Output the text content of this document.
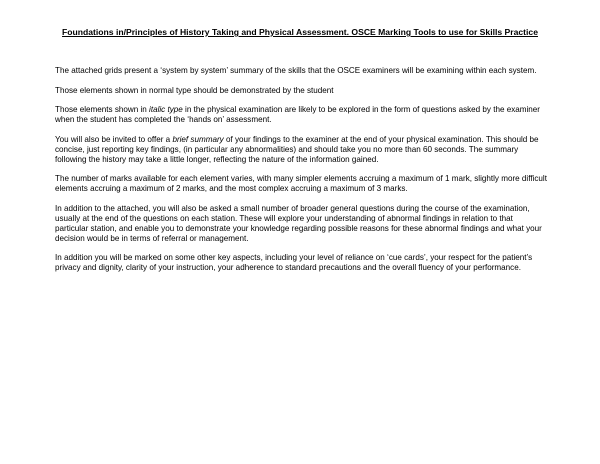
Foundations in/Principles of History Taking and Physical Assessment. OSCE Marking Tools to use for Skills Practice

The attached grids present a ‘system by system’ summary of the skills that the OSCE examiners will be examining within each system.

Those elements shown in normal type should be demonstrated by the student

Those elements shown in italic type in the physical examination are likely to be explored in the form of questions asked by the examiner when the student has completed the ‘hands on’ assessment.

You will also be invited to offer a brief summary of your findings to the examiner at the end of your physical examination. This should be concise, just reporting key findings, (in particular any abnormalities) and should take you no more than 60 seconds. The summary following the history may take a little longer, reflecting the nature of the information gained.

The number of marks available for each element varies, with many simpler elements accruing a maximum of 1 mark, slightly more difficult elements accruing a maximum of 2 marks, and the most complex accruing a maximum of 3 marks.

In addition to the attached, you will also be asked a small number of broader general questions during the course of the examination, usually at the end of the questions on each station. These will explore your understanding of abnormal findings in relation to that particular station, and enable you to demonstrate your knowledge regarding possible reasons for these abnormal findings and what your decision would be in terms of referral or management.

In addition you will be marked on some other key aspects, including your level of reliance on ‘cue cards’, your respect for the patient’s privacy and dignity, clarity of your instruction, your adherence to standard precautions and the overall fluency of your performance.
